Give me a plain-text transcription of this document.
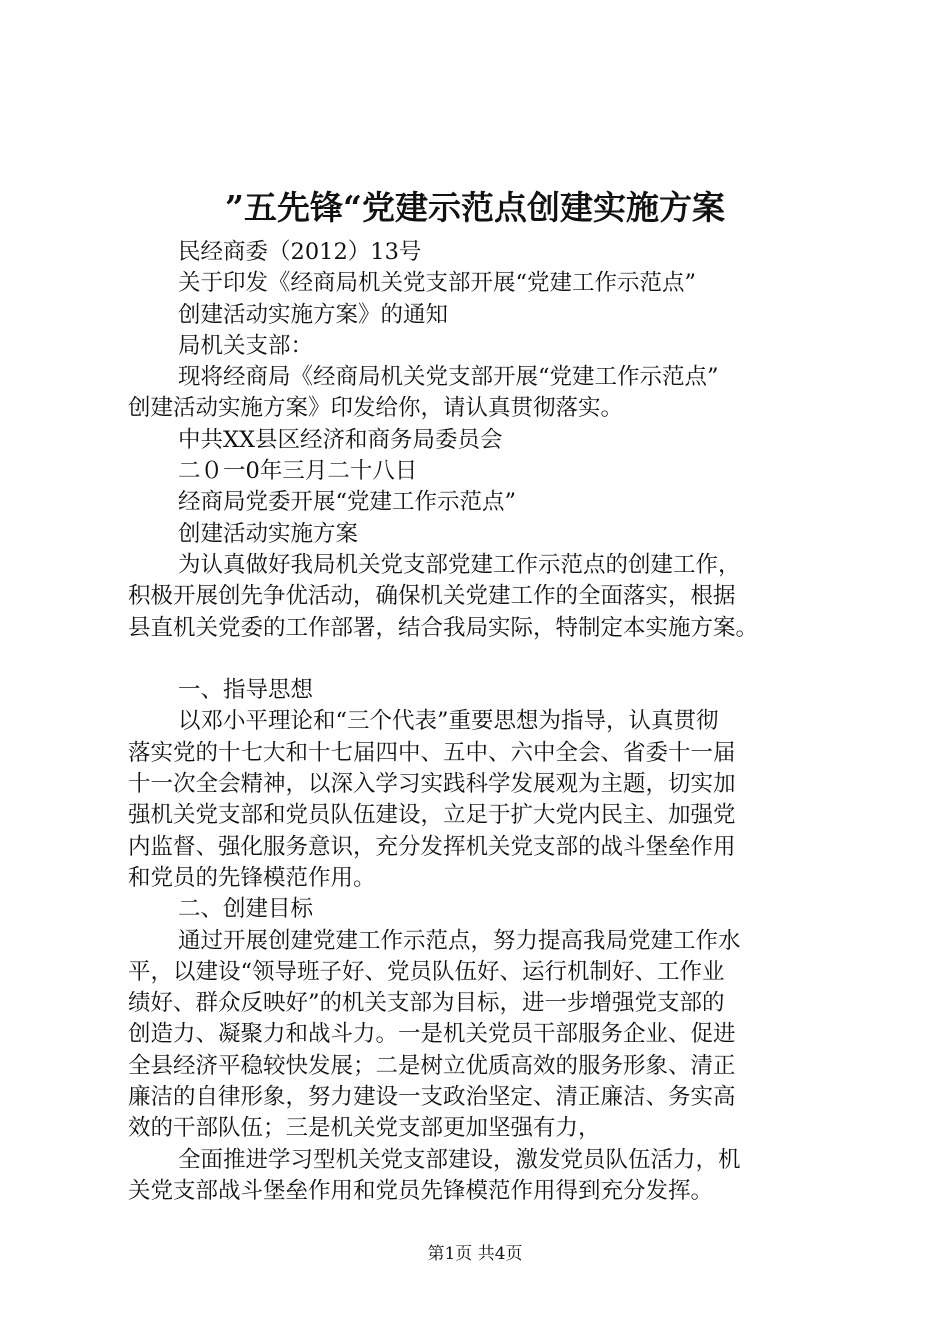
”五先锋“党建示范点创建实施方案
民经商委（2012）13号
关于印发《经商局机关党支部开展“党建工作示范点”
创建活动实施方案》的通知
局机关支部：
现将经商局《经商局机关党支部开展“党建工作示范点”
创建活动实施方案》印发给你，请认真贯彻落实。
中共XX县区经济和商务局委员会
二０一0年三月二十八日
经商局党委开展“党建工作示范点”
创建活动实施方案
为认真做好我局机关党支部党建工作示范点的创建工作，
积极开展创先争优活动，确保机关党建工作的全面落实，根据
县直机关党委的工作部署，结合我局实际，特制定本实施方案。
一、指导思想
以邓小平理论和“三个代表”重要思想为指导，认真贯彻
落实党的十七大和十七届四中、五中、六中全会、省委十一届
十一次全会精神，以深入学习实践科学发展观为主题，切实加
强机关党支部和党员队伍建设，立足于扩大党内民主、加强党
内监督、强化服务意识，充分发挥机关党支部的战斗堡垒作用
和党员的先锋模范作用。
二、创建目标
通过开展创建党建工作示范点，努力提高我局党建工作水
平，以建设“领导班子好、党员队伍好、运行机制好、工作业
绩好、群众反映好”的机关支部为目标，进一步增强党支部的
创造力、凝聚力和战斗力。一是机关党员干部服务企业、促进
全县经济平稳较快发展；二是树立优质高效的服务形象、清正
廉洁的自律形象，努力建设一支政治坚定、清正廉洁、务实高
效的干部队伍；三是机关党支部更加坚强有力，
全面推进学习型机关党支部建设，激发党员队伍活力，机
关党支部战斗堡垒作用和党员先锋模范作用得到充分发挥。
第1页 共4页
